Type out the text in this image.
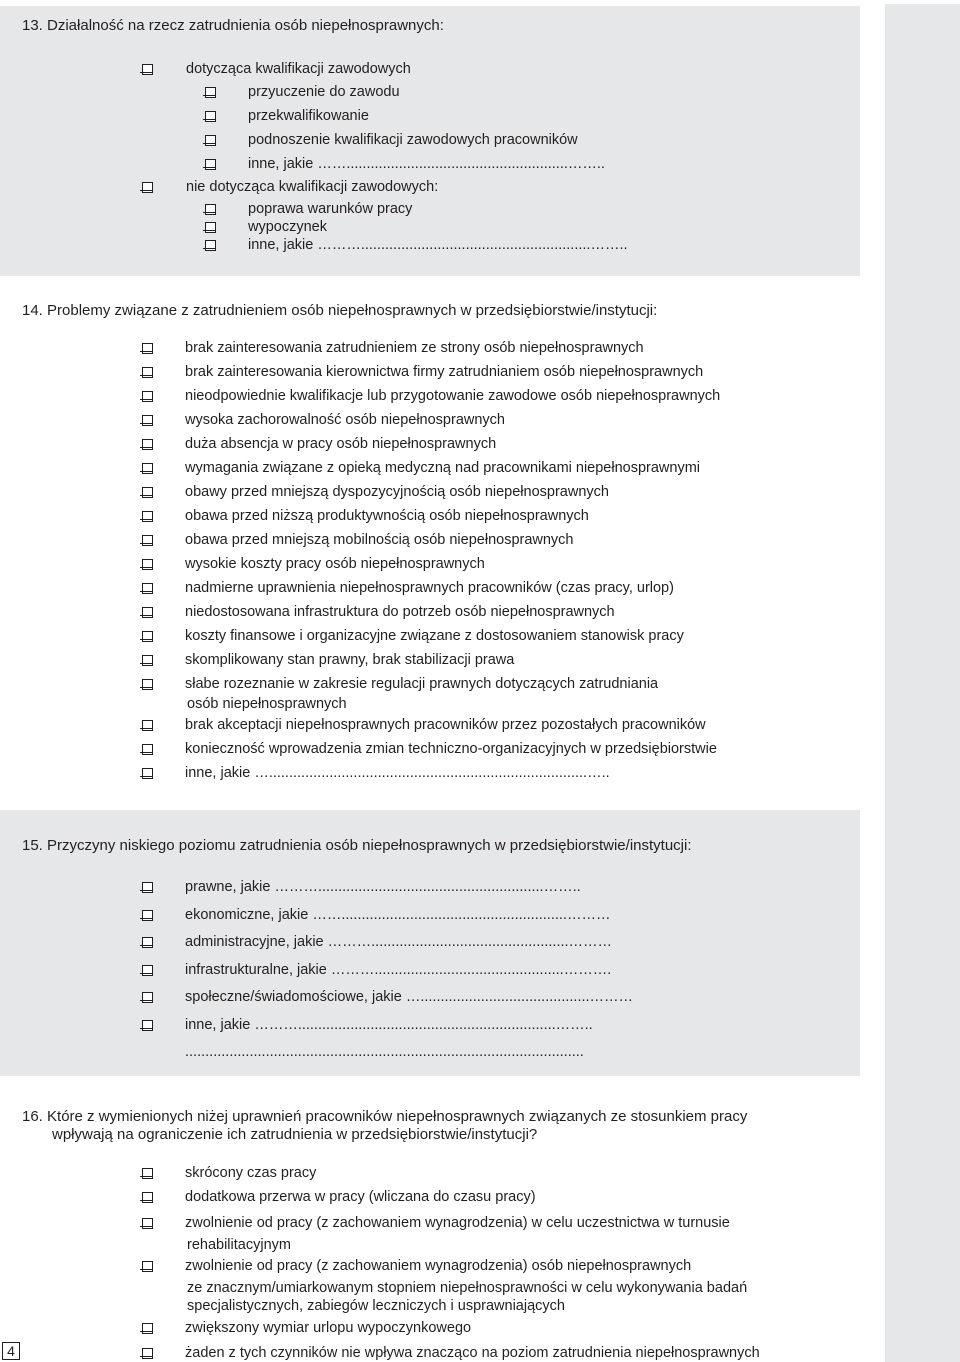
13. Działalność na rzecz zatrudnienia osób niepełnosprawnych:
dotycząca kwalifikacji zawodowych
przyuczenie do zawodu
przekwalifikowanie
podnoszenie kwalifikacji zawodowych pracowników
inne, jakie …….......................................................……..
nie dotycząca kwalifikacji zawodowych:
poprawa warunków pracy
wypoczynek
inne, jakie ……….........................................................……..
14. Problemy związane z zatrudnieniem osób niepełnosprawnych w przedsiębiorstwie/instytucji:
brak zainteresowania zatrudnieniem ze strony osób niepełnosprawnych
brak zainteresowania kierownictwa firmy zatrudnianiem osób niepełnosprawnych
nieodpowiednie kwalifikacje lub przygotowanie zawodowe osób niepełnosprawnych
wysoka zachorowalność osób niepełnosprawnych
duża absencja w pracy osób niepełnosprawnych
wymagania związane z opieką medyczną nad pracownikami niepełnosprawnymi
obawy przed mniejszą dyspozycyjnością osób niepełnosprawnych
obawa przed niższą produktywnością osób niepełnosprawnych
obawa przed mniejszą mobilnością osób niepełnosprawnych
wysokie koszty pracy osób niepełnosprawnych
nadmierne uprawnienia niepełnosprawnych pracowników (czas pracy, urlop)
niedostosowana infrastruktura do potrzeb osób niepełnosprawnych
koszty finansowe i organizacyjne związane z dostosowaniem stanowisk pracy
skomplikowany stan prawny, brak stabilizacji prawa
słabe rozeznanie w zakresie regulacji prawnych dotyczących zatrudniania
brak akceptacji niepełnosprawnych pracowników przez pozostałych pracowników
konieczność wprowadzenia zmian techniczno-organizacyjnych w przedsiębiorstwie
inne, jakie …...............................................................................…..
osób niepełnosprawnych
15. Przyczyny niskiego poziomu zatrudnienia osób niepełnosprawnych w przedsiębiorstwie/instytucji:
prawne, jakie ………........................................................……..
ekonomiczne, jakie ……........................................................………
administracyjne, jakie ……….................................................………
infrastrukturalne, jakie ………...............................................……….
społeczne/świadomościowe, jakie …..........................................………
inne, jakie ………................................................................……..
...................................................................................................
16. Które z wymienionych niżej uprawnień pracowników niepełnosprawnych związanych ze stosunkiem pracy
wpływają na ograniczenie ich zatrudnienia w przedsiębiorstwie/instytucji?
skrócony czas pracy
dodatkowa przerwa w pracy (wliczana do czasu pracy)
zwolnienie od pracy (z zachowaniem wynagrodzenia) w celu uczestnictwa w turnusie
rehabilitacyjnym
zwolnienie od pracy (z zachowaniem wynagrodzenia) osób niepełnosprawnych
ze znacznym/umiarkowanym stopniem niepełnosprawności w celu wykonywania badań
specjalistycznych, zabiegów leczniczych i usprawniających
zwiększony wymiar urlopu wypoczynkowego
żaden z tych czynników nie wpływa znacząco na poziom zatrudnienia niepełnosprawnych
4
